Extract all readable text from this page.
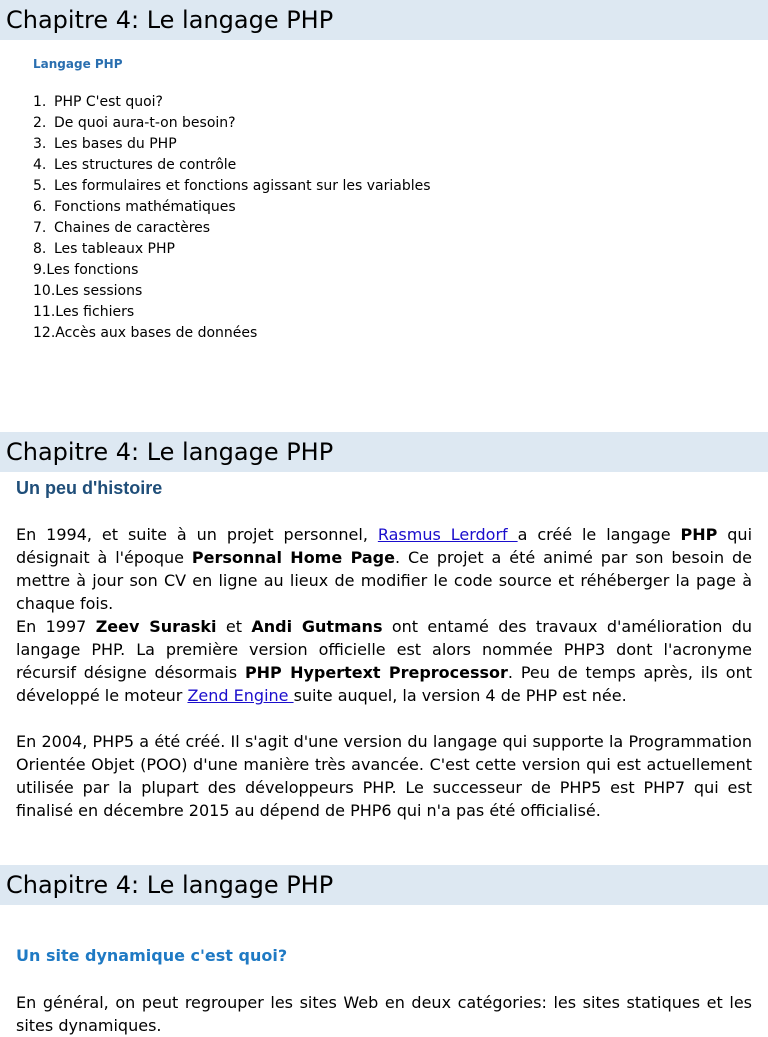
Chapitre 4: Le langage PHP
Langage PHP
1. PHP C'est quoi?
2. De quoi aura-t-on besoin?
3. Les bases du PHP
4. Les structures de contrôle
5. Les formulaires et fonctions agissant sur les variables
6. Fonctions mathématiques
7. Chaines de caractères
8. Les tableaux PHP
9.Les fonctions
10.Les sessions
11.Les fichiers
12.Accès aux bases de données
Chapitre 4: Le langage PHP
Un peu d'histoire

En 1994, et suite à un projet personnel, Rasmus Lerdorf a créé le langage PHP qui désignait à l'époque Personnal Home Page. Ce projet a été animé par son besoin de mettre à jour son CV en ligne au lieux de modifier le code source et réhéberger la page à chaque fois.

En 1997 Zeev Suraski et Andi Gutmans ont entamé des travaux d'amélioration du langage PHP. La première version officielle est alors nommée PHP3 dont l'acronyme récursif désigne désormais PHP Hypertext Preprocessor. Peu de temps après, ils ont développé le moteur Zend Engine suite auquel, la version 4 de PHP est née.

En 2004, PHP5 a été créé. Il s'agit d'une version du langage qui supporte la Programmation Orientée Objet (POO) d'une manière très avancée. C'est cette version qui est actuellement utilisée par la plupart des développeurs PHP. Le successeur de PHP5 est PHP7 qui est finalisé en décembre 2015 au dépend de PHP6 qui n'a pas été officialisé.

Chapitre 4: Le langage PHP
Un site dynamique c'est quoi?

En général, on peut regrouper les sites Web en deux catégories: les sites statiques et les sites dynamiques.
